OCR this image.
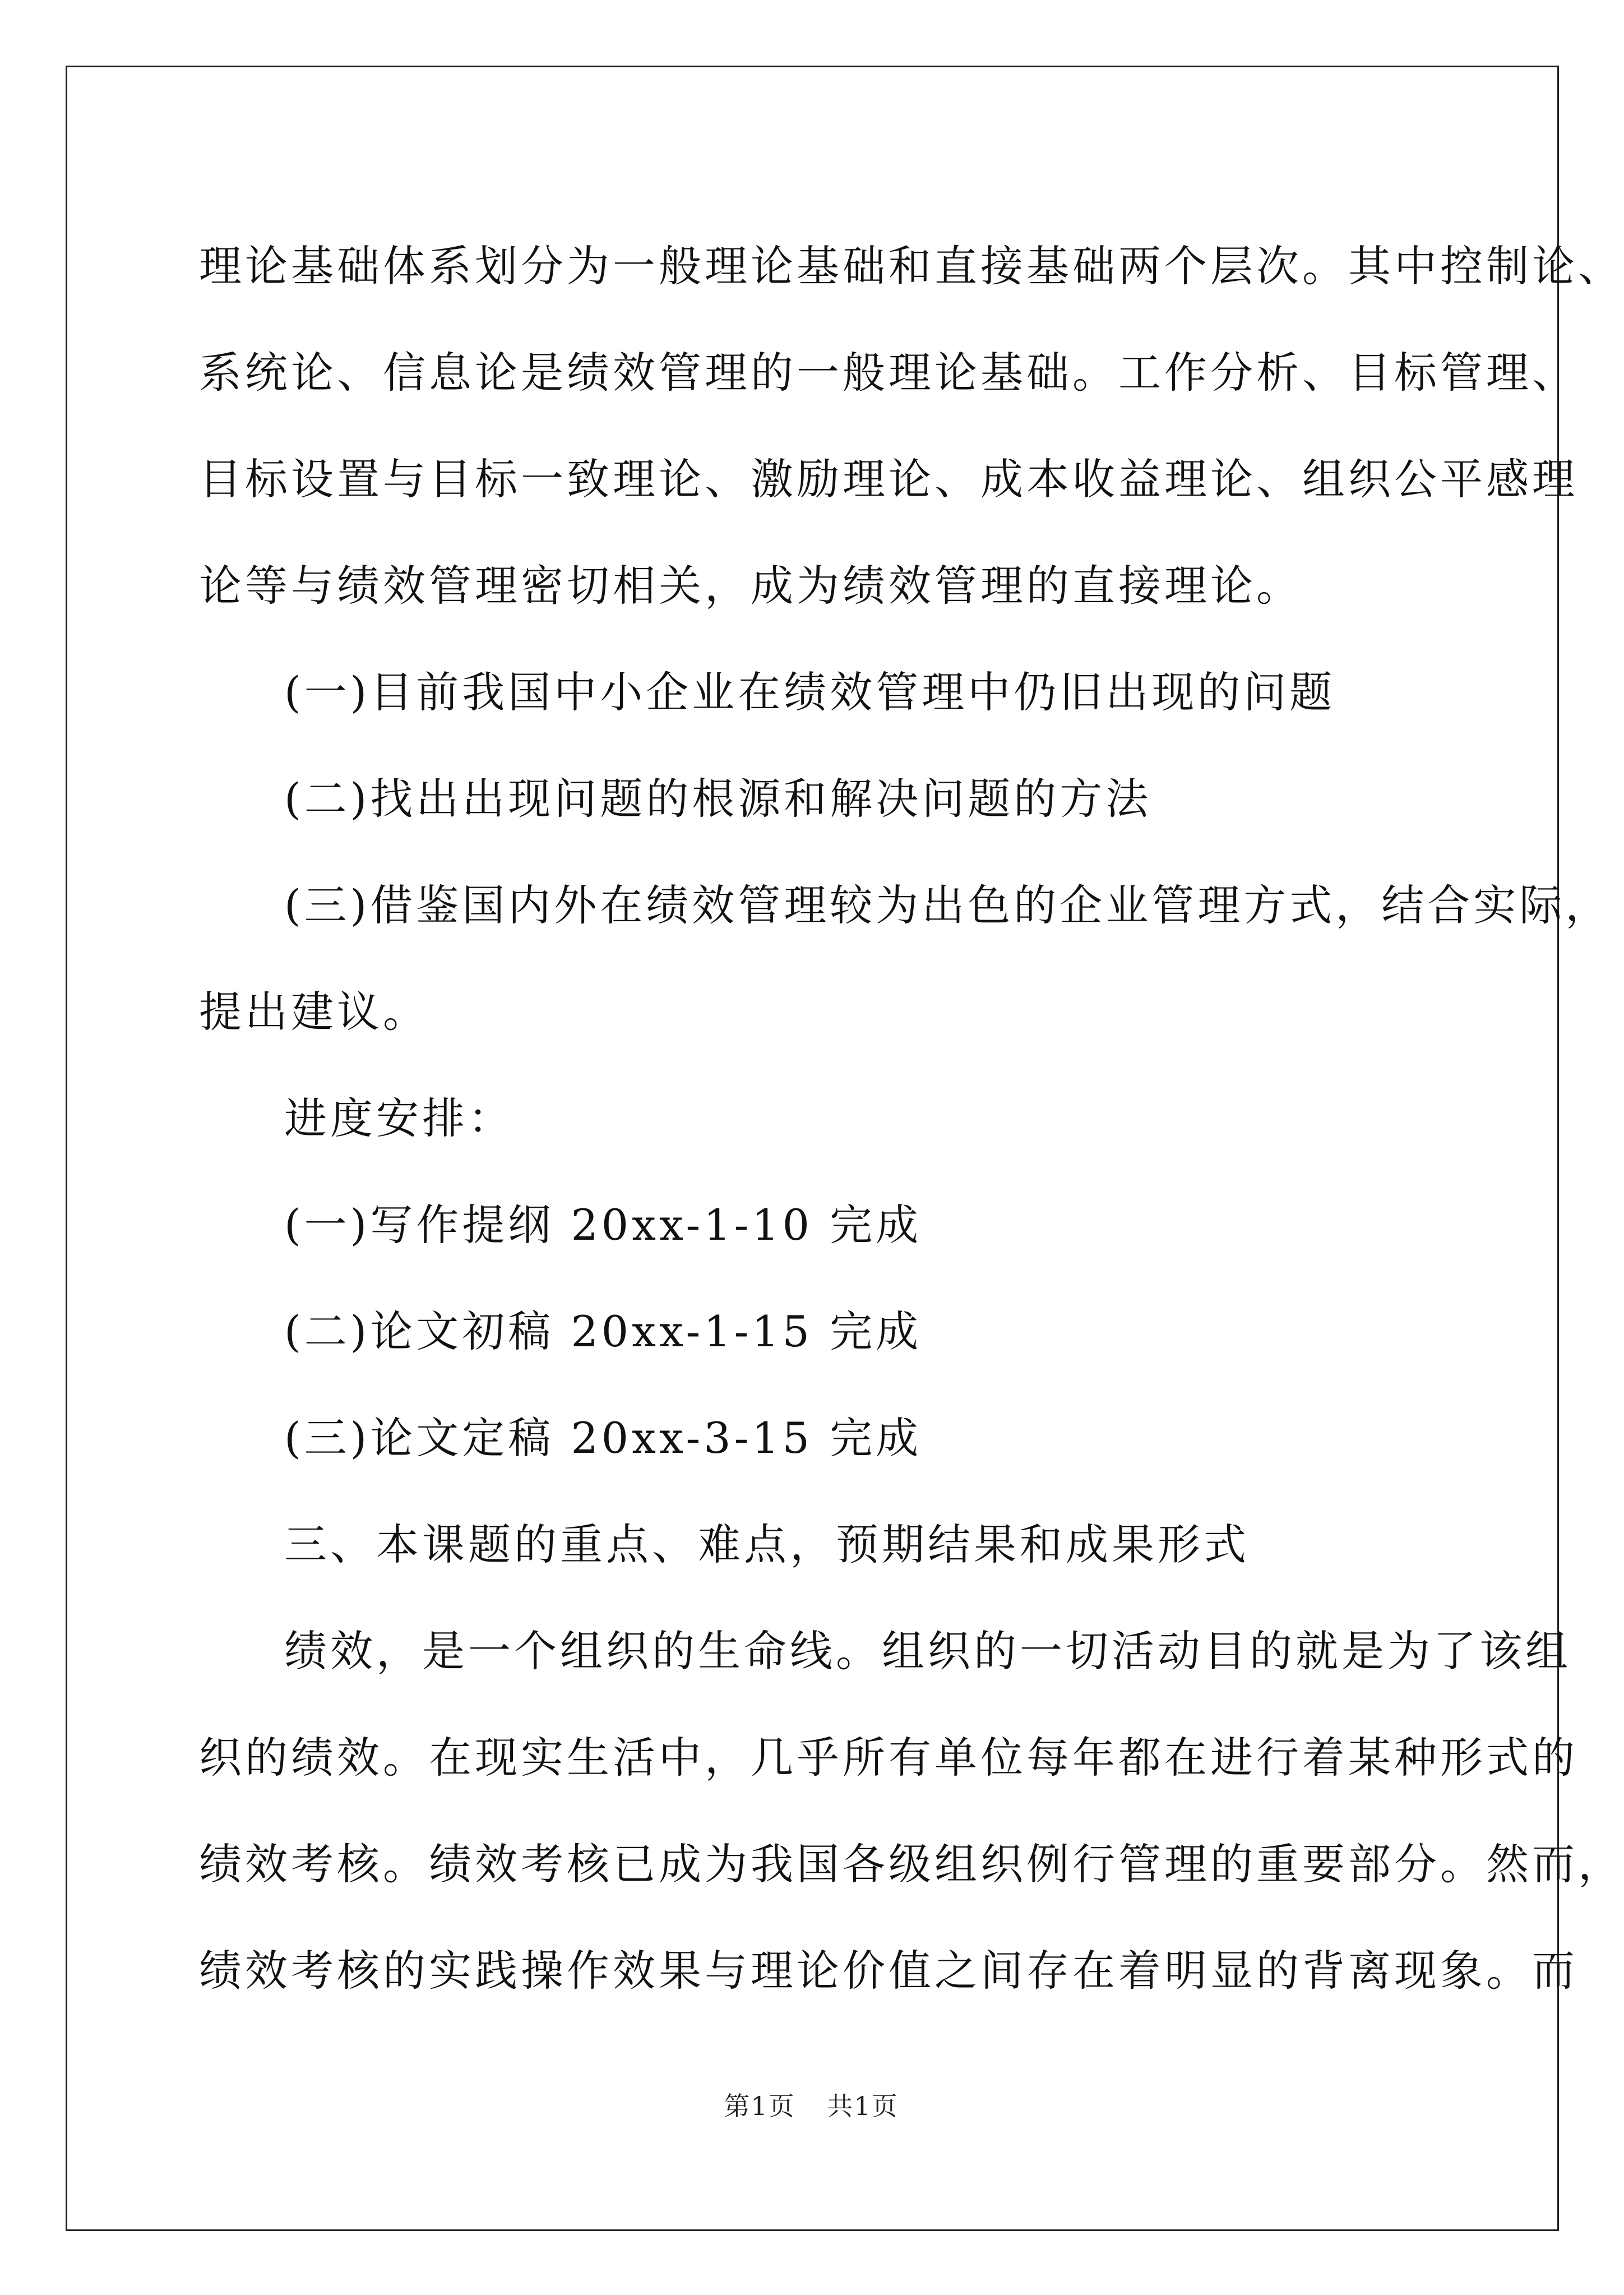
理论基础体系划分为一般理论基础和直接基础两个层次。其中控制论、
系统论、信息论是绩效管理的一般理论基础。工作分析、目标管理、
目标设置与目标一致理论、激励理论、成本收益理论、组织公平感理
论等与绩效管理密切相关，成为绩效管理的直接理论。
(一)目前我国中小企业在绩效管理中仍旧出现的问题
(二)找出出现问题的根源和解决问题的方法
(三)借鉴国内外在绩效管理较为出色的企业管理方式，结合实际，
提出建议。
进度安排：
(一)写作提纲 20xx-1-10 完成
(二)论文初稿 20xx-1-15 完成
(三)论文定稿 20xx-3-15 完成
三、本课题的重点、难点，预期结果和成果形式
绩效，是一个组织的生命线。组织的一切活动目的就是为了该组
织的绩效。在现实生活中，几乎所有单位每年都在进行着某种形式的
绩效考核。绩效考核已成为我国各级组织例行管理的重要部分。然而，
绩效考核的实践操作效果与理论价值之间存在着明显的背离现象。而
第1页 共1页
